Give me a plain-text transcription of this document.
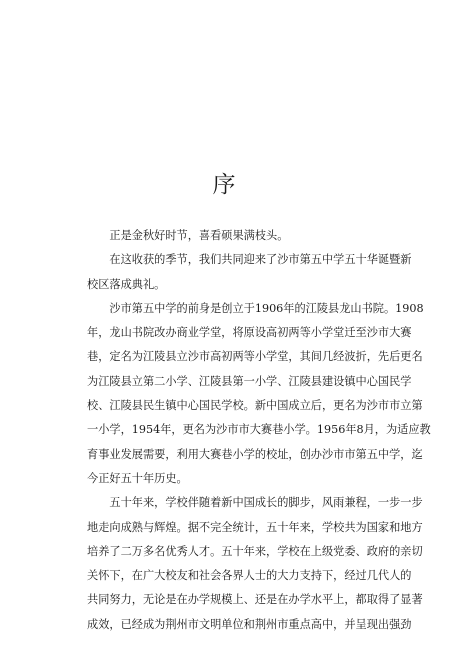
序
正是金秋好时节，喜看硕果满枝头。
在这收获的季节，我们共同迎来了沙市第五中学五十华诞暨新
校区落成典礼。
沙市第五中学的前身是创立于1906年的江陵县龙山书院。1908
年，龙山书院改办商业学堂，将原设高初两等小学堂迁至沙市大赛
巷，定名为江陵县立沙市高初两等小学堂，其间几经波折，先后更名
为江陵县立第二小学、江陵县第一小学、江陵县建设镇中心国民学
校、江陵县民生镇中心国民学校。新中国成立后，更名为沙市市立第
一小学，1954年，更名为沙市市大赛巷小学。1956年8月，为适应教
育事业发展需要，利用大赛巷小学的校址，创办沙市市第五中学，迄
今正好五十年历史。
五十年来，学校伴随着新中国成长的脚步，风雨兼程，一步一步
地走向成熟与辉煌。据不完全统计，五十年来，学校共为国家和地方
培养了二万多名优秀人才。五十年来，学校在上级党委、政府的亲切
关怀下，在广大校友和社会各界人士的大力支持下，经过几代人的
共同努力，无论是在办学规模上、还是在办学水平上，都取得了显著
成效，已经成为荆州市文明单位和荆州市重点高中，并呈现出强劲
